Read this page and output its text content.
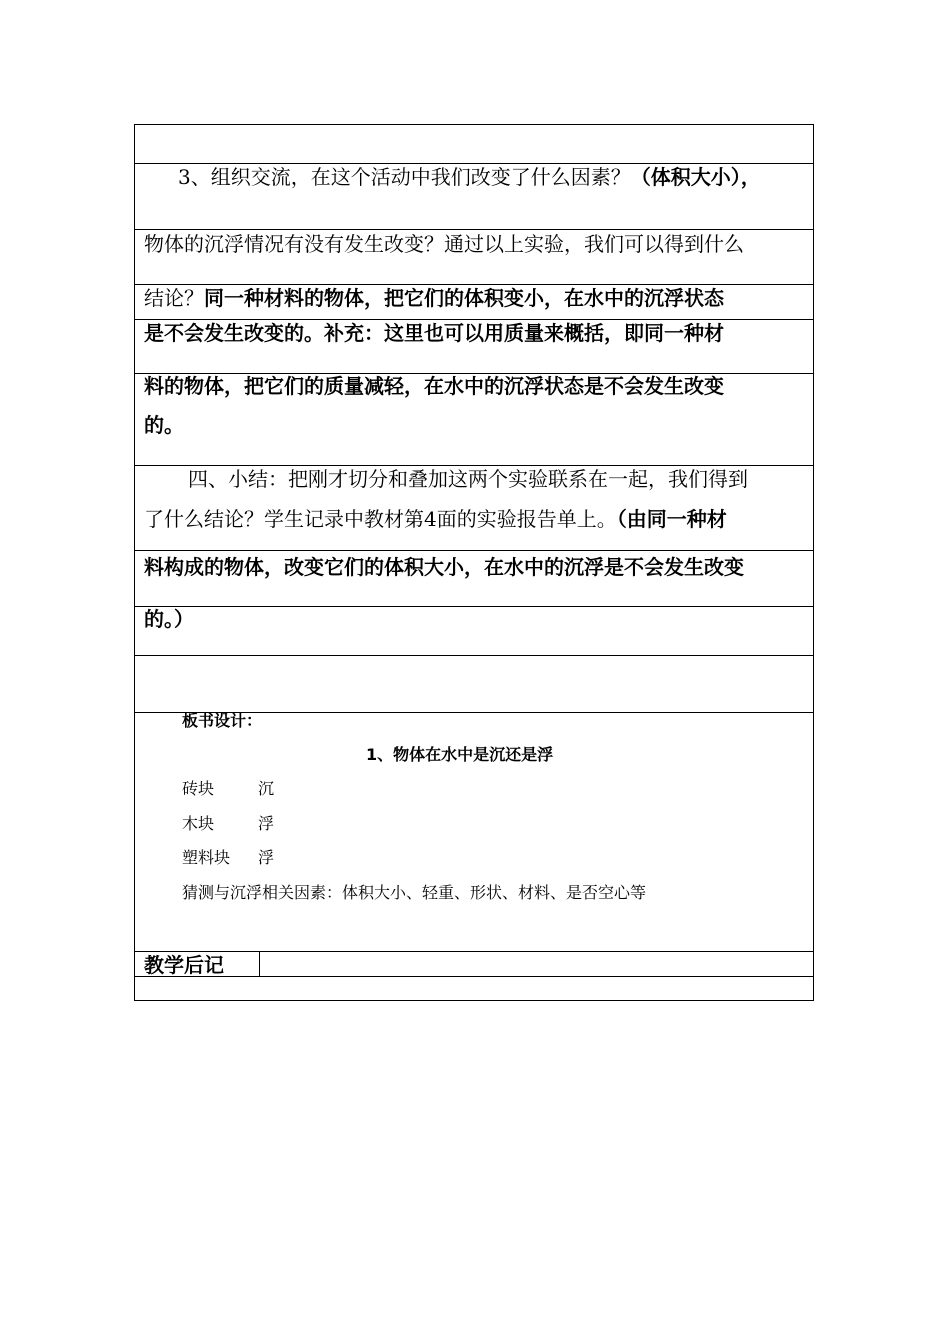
3、组织交流，在这个活动中我们改变了什么因素？（体积大小），
物体的沉浮情况有没有发生改变？通过以上实验，我们可以得到什么
结论？同一种材料的物体，把它们的体积变小，在水中的沉浮状态
是不会发生改变的。补充：这里也可以用质量来概括，即同一种材
料的物体，把它们的质量减轻，在水中的沉浮状态是不会发生改变
的。
四、小结：把刚才切分和叠加这两个实验联系在一起，我们得到
了什么结论？学生记录中教材第4面的实验报告单上。（由同一种材
料构成的物体，改变它们的体积大小，在水中的沉浮是不会发生改变
的。）
板书设计：
1、物体在水中是沉还是浮
砖块	沉
木块	浮
塑料块 浮
猜测与沉浮相关因素：体积大小、轻重、形状、材料、是否空心等
教学后记
